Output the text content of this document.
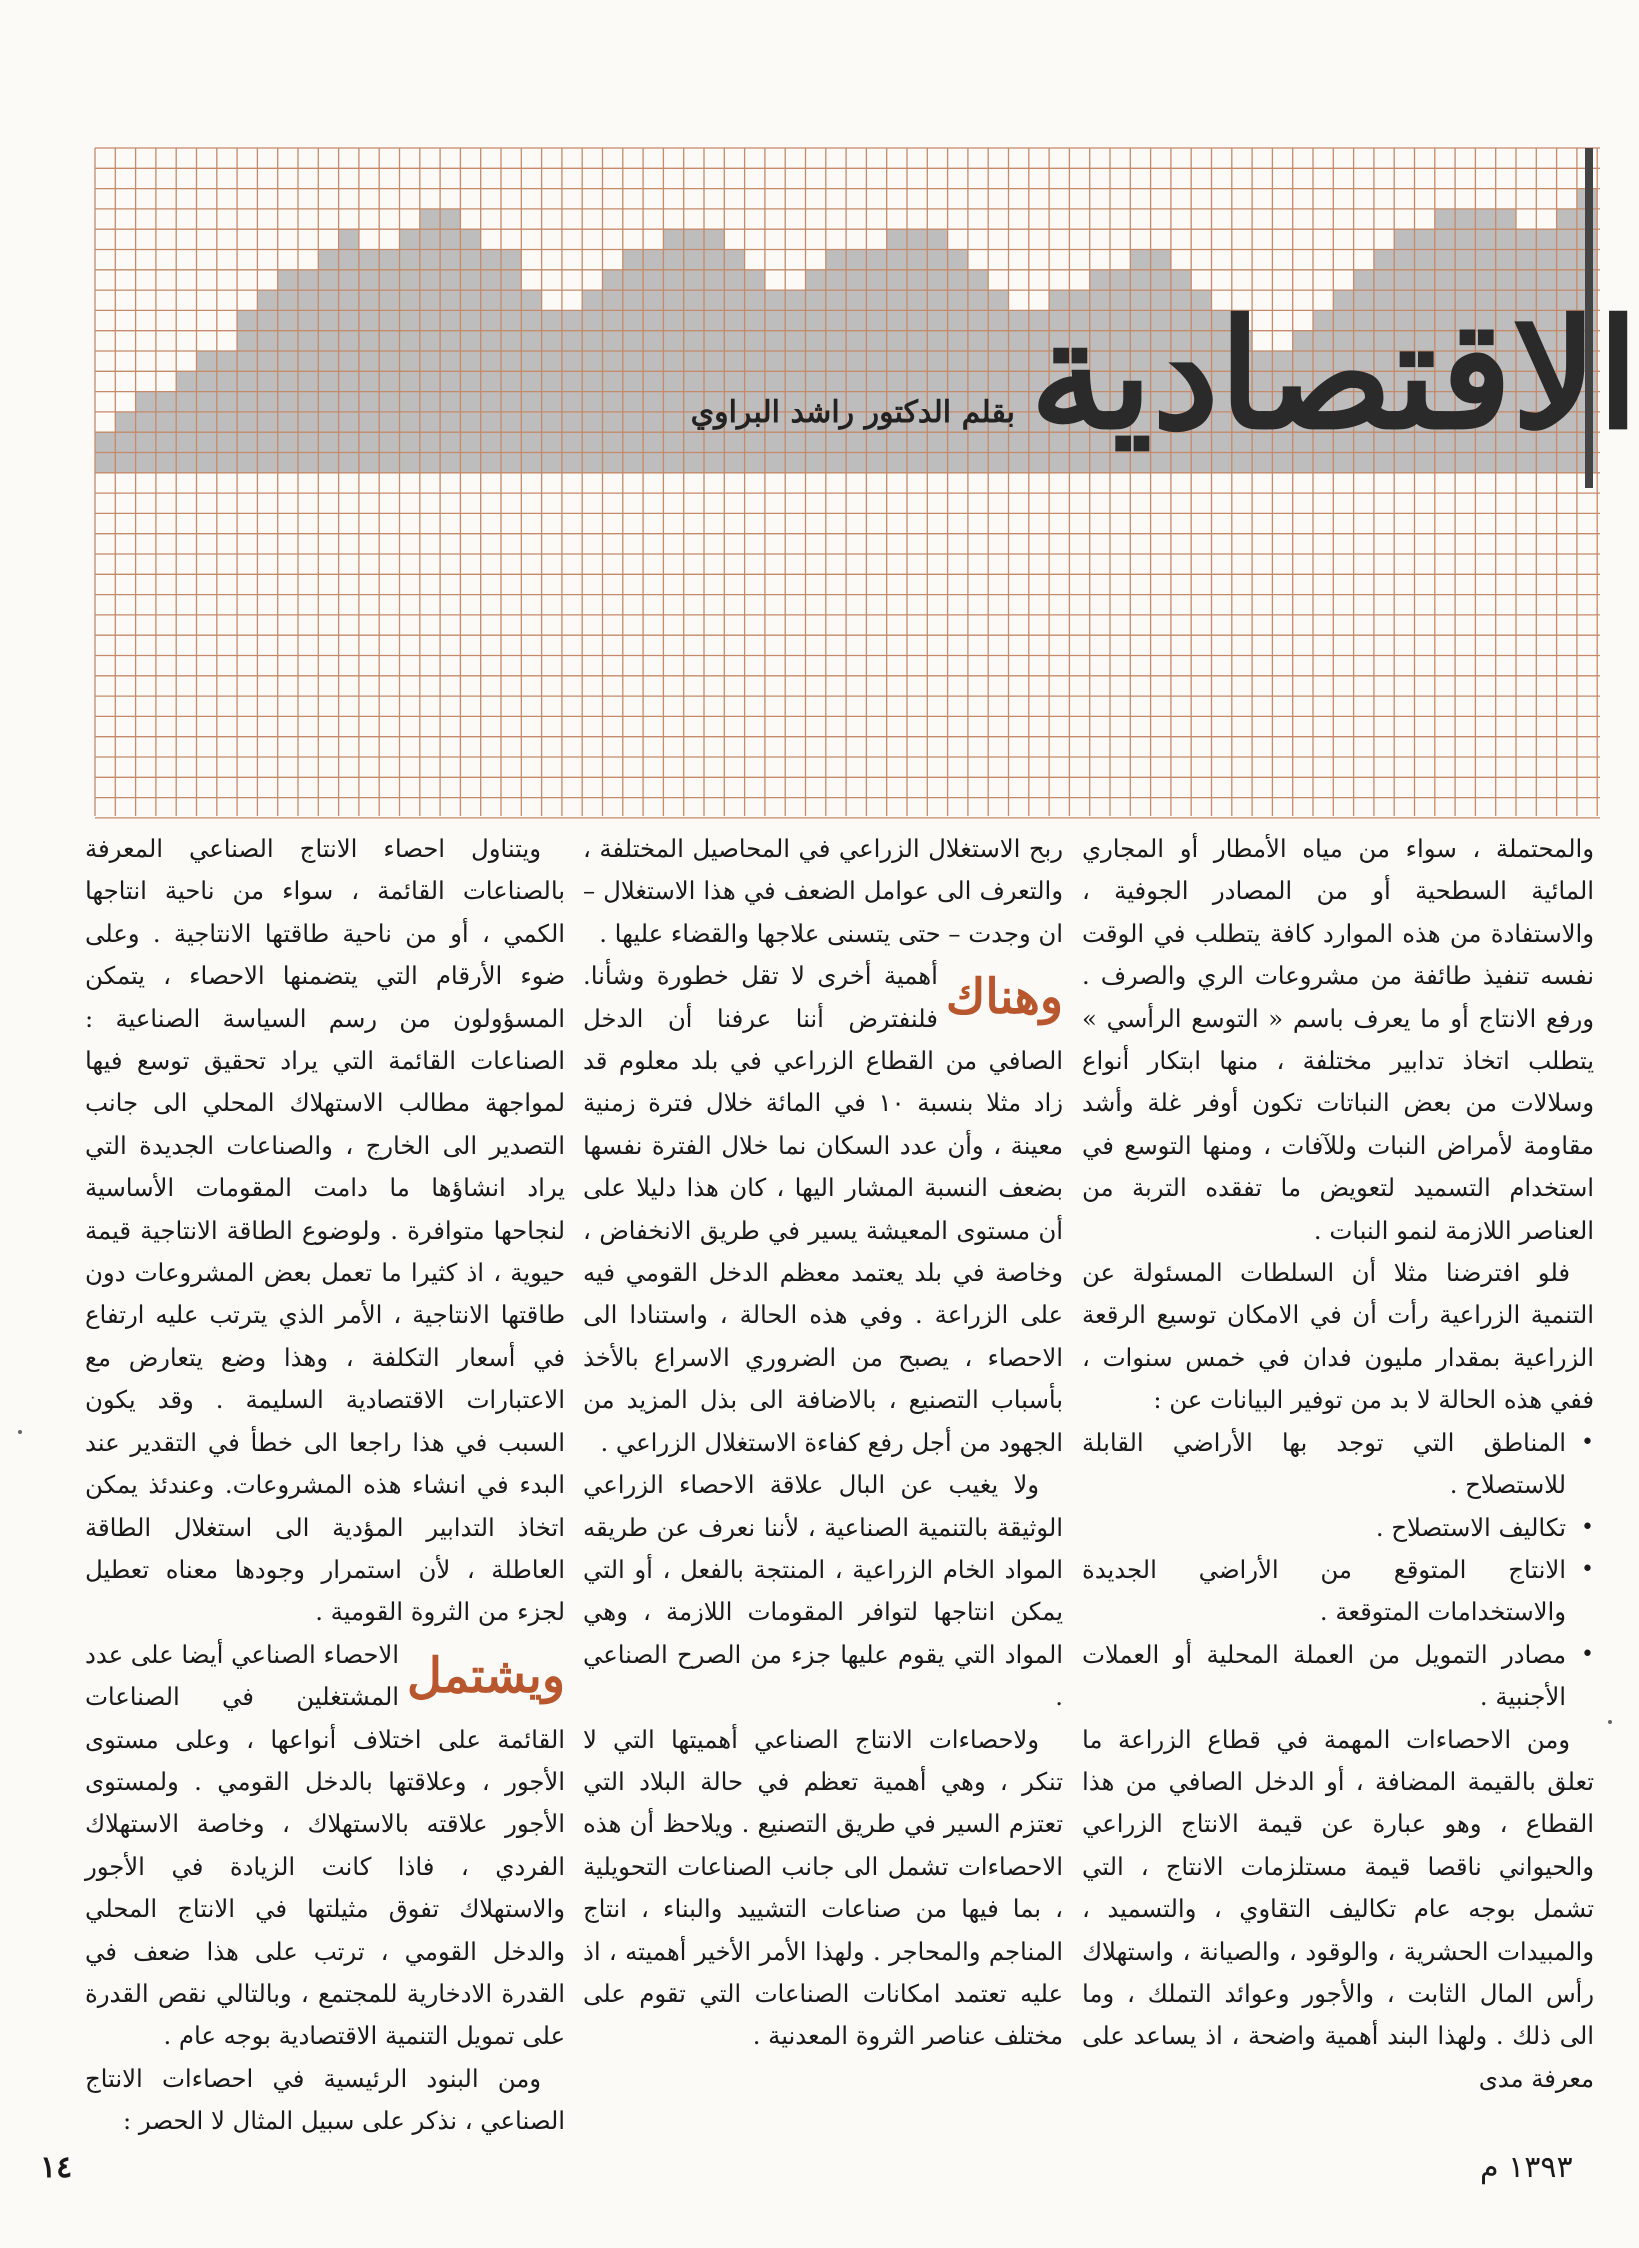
الاقتصادية
بقلم الدكتور راشد البراوي

والمحتملة ، سواء من مياه الأمطار أو المجاري المائية السطحية أو من المصادر الجوفية ، والاستفادة من هذه الموارد كافة يتطلب في الوقت نفسه تنفيذ طائفة من مشروعات الري والصرف . ورفع الانتاج أو ما يعرف باسم « التوسع الرأسي » يتطلب اتخاذ تدابير مختلفة ، منها ابتكار أنواع وسلالات من بعض النباتات تكون أوفر غلة وأشد مقاومة لأمراض النبات وللآفات ، ومنها التوسع في استخدام التسميد لتعويض ما تفقده التربة من العناصر اللازمة لنمو النبات .

فلو افترضنا مثلا أن السلطات المسئولة عن التنمية الزراعية رأت أن في الامكان توسيع الرقعة الزراعية بمقدار مليون فدان في خمس سنوات ، ففي هذه الحالة لا بد من توفير البيانات عن :

• المناطق التي توجد بها الأراضي القابلة للاستصلاح .

• تكاليف الاستصلاح .

• الانتاج المتوقع من الأراضي الجديدة والاستخدامات المتوقعة .

• مصادر التمويل من العملة المحلية أو العملات الأجنبية .

ومن الاحصاءات المهمة في قطاع الزراعة ما تعلق بالقيمة المضافة ، أو الدخل الصافي من هذا القطاع ، وهو عبارة عن قيمة الانتاج الزراعي والحيواني ناقصا قيمة مستلزمات الانتاج ، التي تشمل بوجه عام تكاليف التقاوي ، والتسميد ، والمبيدات الحشرية ، والوقود ، والصيانة ، واستهلاك رأس المال الثابت ، والأجور وعوائد التملك ، وما الى ذلك . ولهذا البند أهمية واضحة ، اذ يساعد على معرفة مدى

ربح الاستغلال الزراعي في المحاصيل المختلفة ، والتعرف الى عوامل الضعف في هذا الاستغلال – ان وجدت – حتى يتسنى علاجها والقضاء عليها .

وهناك
أهمية أخرى لا تقل خطورة وشأنا. فلنفترض أننا عرفنا أن الدخل الصافي من القطاع الزراعي في بلد معلوم قد زاد مثلا بنسبة ١٠ في المائة خلال فترة زمنية معينة ، وأن عدد السكان نما خلال الفترة نفسها بضعف النسبة المشار اليها ، كان هذا دليلا على أن مستوى المعيشة يسير في طريق الانخفاض ، وخاصة في بلد يعتمد معظم الدخل القومي فيه على الزراعة . وفي هذه الحالة ، واستنادا الى الاحصاء ، يصبح من الضروري الاسراع بالأخذ بأسباب التصنيع ، بالاضافة الى بذل المزيد من الجهود من أجل رفع كفاءة الاستغلال الزراعي .

ولا يغيب عن البال علاقة الاحصاء الزراعي الوثيقة بالتنمية الصناعية ، لأننا نعرف عن طريقه المواد الخام الزراعية ، المنتجة بالفعل ، أو التي يمكن انتاجها لتوافر المقومات اللازمة ، وهي المواد التي يقوم عليها جزء من الصرح الصناعي .

ولاحصاءات الانتاج الصناعي أهميتها التي لا تنكر ، وهي أهمية تعظم في حالة البلاد التي تعتزم السير في طريق التصنيع . ويلاحظ أن هذه الاحصاءات تشمل الى جانب الصناعات التحويلية ، بما فيها من صناعات التشييد والبناء ، انتاج المناجم والمحاجر . ولهذا الأمر الأخير أهميته ، اذ عليه تعتمد امكانات الصناعات التي تقوم على مختلف عناصر الثروة المعدنية .

ويتناول احصاء الانتاج الصناعي المعرفة بالصناعات القائمة ، سواء من ناحية انتاجها الكمي ، أو من ناحية طاقتها الانتاجية . وعلى ضوء الأرقام التي يتضمنها الاحصاء ، يتمكن المسؤولون من رسم السياسة الصناعية : الصناعات القائمة التي يراد تحقيق توسع فيها لمواجهة مطالب الاستهلاك المحلي الى جانب التصدير الى الخارج ، والصناعات الجديدة التي يراد انشاؤها ما دامت المقومات الأساسية لنجاحها متوافرة . ولوضوع الطاقة الانتاجية قيمة حيوية ، اذ كثيرا ما تعمل بعض المشروعات دون طاقتها الانتاجية ، الأمر الذي يترتب عليه ارتفاع في أسعار التكلفة ، وهذا وضع يتعارض مع الاعتبارات الاقتصادية السليمة . وقد يكون السبب في هذا راجعا الى خطأ في التقدير عند البدء في انشاء هذه المشروعات. وعندئذ يمكن اتخاذ التدابير المؤدية الى استغلال الطاقة العاطلة ، لأن استمرار وجودها معناه تعطيل لجزء من الثروة القومية .

ويشتمل
الاحصاء الصناعي أيضا على عدد المشتغلين في الصناعات القائمة على اختلاف أنواعها ، وعلى مستوى الأجور ، وعلاقتها بالدخل القومي . ولمستوى الأجور علاقته بالاستهلاك ، وخاصة الاستهلاك الفردي ، فاذا كانت الزيادة في الأجور والاستهلاك تفوق مثيلتها في الانتاج المحلي والدخل القومي ، ترتب على هذا ضعف في القدرة الادخارية للمجتمع ، وبالتالي نقص القدرة على تمويل التنمية الاقتصادية بوجه عام .

ومن البنود الرئيسية في احصاءات الانتاج الصناعي ، نذكر على سبيل المثال لا الحصر :

١٤	١٣٩٣ م
